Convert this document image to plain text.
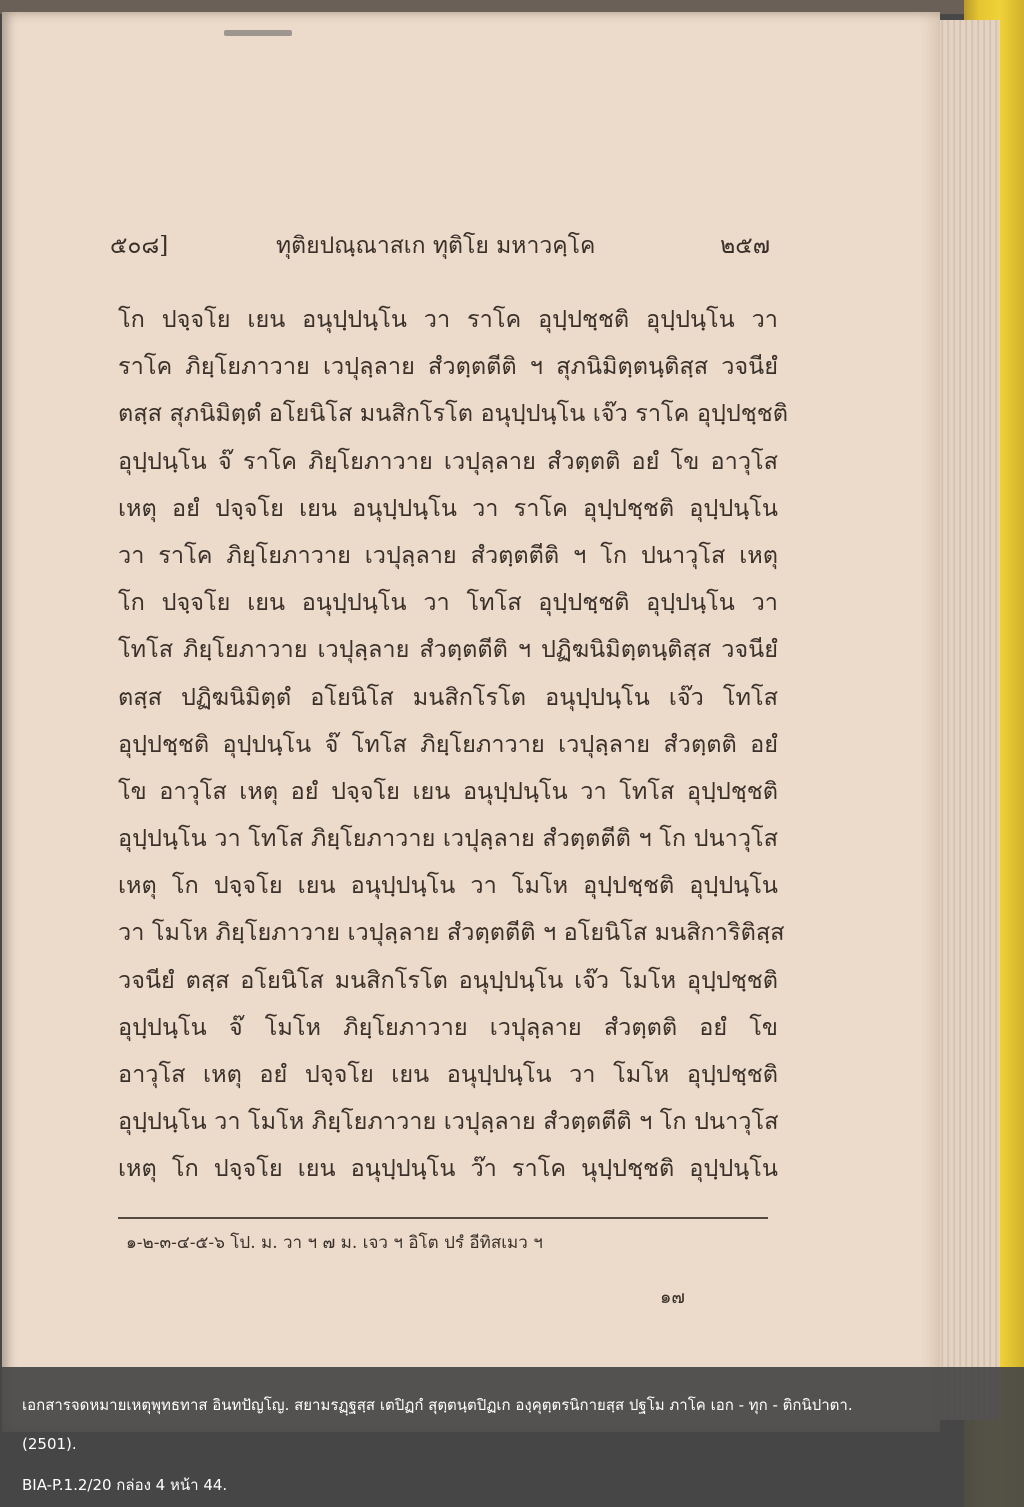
๕๐๘]	ทุติยปณฺณาสเก ทุติโย มหาวคฺโค	๒๕๗
โก ปจฺจโย เยน อนุปฺปนฺโน วา ราโค อุปฺปชฺชติ อุปฺปนฺโน วา
ราโค ภิยฺโยภาวาย เวปุลฺลาย สํวตฺตตีติ ฯ สุภนิมิตฺตนฺติสฺส วจนียํ
ตสฺส สุภนิมิตฺตํ อโยนิโส มนสิกโรโต อนุปฺปนฺโน เจ๊ว ราโค อุปฺปชฺชติ
อุปฺปนฺโน จ๊ ราโค ภิยฺโยภาวาย เวปุลฺลาย สํวตฺตติ อยํ โข อาวุโส
เหตุ อยํ ปจฺจโย เยน อนุปฺปนฺโน วา ราโค อุปฺปชฺชติ อุปฺปนฺโน
วา ราโค ภิยฺโยภาวาย เวปุลฺลาย สํวตฺตตีติ ฯ โก ปนาวุโส เหตุ
โก ปจฺจโย เยน อนุปฺปนฺโน วา โทโส อุปฺปชฺชติ อุปฺปนฺโน วา
โทโส ภิยฺโยภาวาย เวปุลฺลาย สํวตฺตตีติ ฯ ปฏิฆนิมิตฺตนฺติสฺส วจนียํ
ตสฺส ปฏิฆนิมิตฺตํ อโยนิโส มนสิกโรโต อนุปฺปนฺโน เจ๊ว โทโส
อุปฺปชฺชติ อุปฺปนฺโน จ๊ โทโส ภิยฺโยภาวาย เวปุลฺลาย สํวตฺตติ อยํ
โข อาวุโส เหตุ อยํ ปจฺจโย เยน อนุปฺปนฺโน วา โทโส อุปฺปชฺชติ
อุปฺปนฺโน วา โทโส ภิยฺโยภาวาย เวปุลฺลาย สํวตฺตตีติ ฯ โก ปนาวุโส
เหตุ โก ปจฺจโย เยน อนุปฺปนฺโน วา โมโห อุปฺปชฺชติ อุปฺปนฺโน
วา โมโห ภิยฺโยภาวาย เวปุลฺลาย สํวตฺตตีติ ฯ อโยนิโส มนสิการิติสฺส
วจนียํ ตสฺส อโยนิโส มนสิกโรโต อนุปฺปนฺโน เจ๊ว โมโห อุปฺปชฺชติ
อุปฺปนฺโน จ๊ โมโห ภิยฺโยภาวาย เวปุลฺลาย สํวตฺตติ อยํ โข
อาวุโส เหตุ อยํ ปจฺจโย เยน อนุปฺปนฺโน วา โมโห อุปฺปชฺชติ
อุปฺปนฺโน วา โมโห ภิยฺโยภาวาย เวปุลฺลาย สํวตฺตตีติ ฯ โก ปนาวุโส
เหตุ โก ปจฺจโย เยน อนุปฺปนฺโน ว๊า ราโค นุปฺปชฺชติ อุปฺปนฺโน
๑-๒-๓-๔-๕-๖ โป. ม. วา ฯ ๗ ม. เจว ฯ อิโต ปรํ อีทิสเมว ฯ
๑๗
เอกสารจดหมายเหตุพุทธทาส อินทปัญโญ. สยามรฏฺฐสฺส เตปิฏกํ สุตฺตนฺตปิฏเก องฺคุตฺตรนิกายสฺส ปฐโม ภาโค เอก - ทุก - ติกนิปาตา.
(2501).
BIA-P.1.2/20 กล่อง 4 หน้า 44.
